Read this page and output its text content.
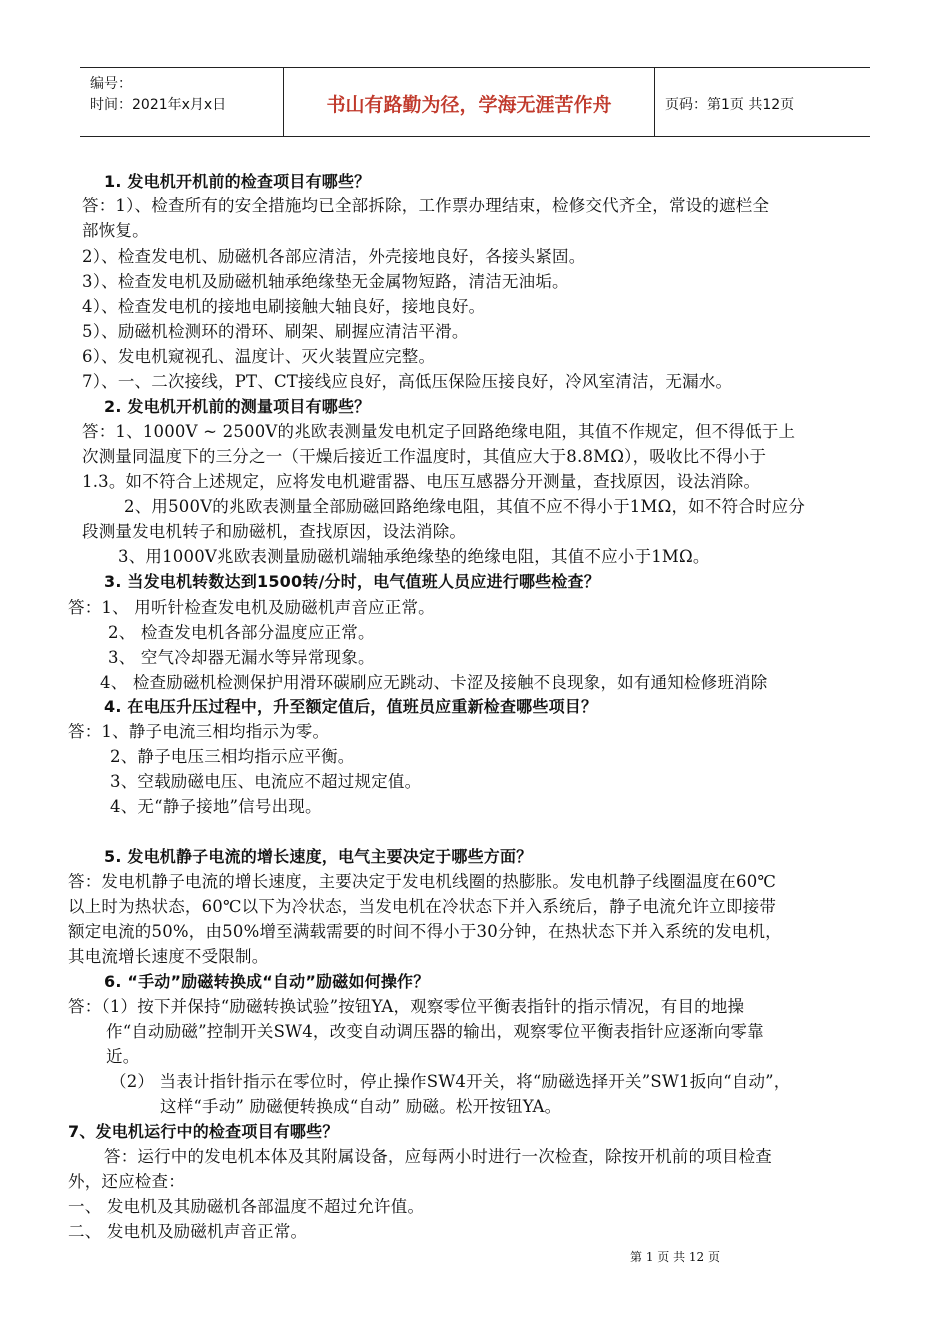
编号：
时间：2021年x月x日	书山有路勤为径，学海无涯苦作舟	页码：第1页 共12页
1. 发电机开机前的检查项目有哪些？
答：1）、检查所有的安全措施均已全部拆除，工作票办理结束，检修交代齐全，常设的遮栏全
部恢复。
2）、检查发电机、励磁机各部应清洁，外壳接地良好，各接头紧固。
3）、检查发电机及励磁机轴承绝缘垫无金属物短路，清洁无油垢。
4）、检查发电机的接地电刷接触大轴良好，接地良好。
5）、励磁机检测环的滑环、刷架、刷握应清洁平滑。
6）、发电机窥视孔、温度计、灭火装置应完整。
7）、一、二次接线，PT、CT接线应良好，高低压保险压接良好，冷风室清洁，无漏水。
2. 发电机开机前的测量项目有哪些？
答：1、1000V ~ 2500V的兆欧表测量发电机定子回路绝缘电阻，其值不作规定，但不得低于上
次测量同温度下的三分之一（干燥后接近工作温度时，其值应大于8.8MΩ），吸收比不得小于
1.3。如不符合上述规定，应将发电机避雷器、电压互感器分开测量，查找原因，设法消除。
2、用500V的兆欧表测量全部励磁回路绝缘电阻，其值不应不得小于1MΩ，如不符合时应分
段测量发电机转子和励磁机，查找原因，设法消除。
3、用1000V兆欧表测量励磁机端轴承绝缘垫的绝缘电阻，其值不应小于1MΩ。
3. 当发电机转数达到1500转/分时，电气值班人员应进行哪些检查？
答：1、 用听针检查发电机及励磁机声音应正常。
2、 检查发电机各部分温度应正常。
3、 空气冷却器无漏水等异常现象。
4、 检查励磁机检测保护用滑环碳刷应无跳动、卡涩及接触不良现象，如有通知检修班消除
4. 在电压升压过程中，升至额定值后，值班员应重新检查哪些项目？
答：1、静子电流三相均指示为零。
2、静子电压三相均指示应平衡。
3、空载励磁电压、电流应不超过规定值。
4、无“静子接地”信号出现。
5. 发电机静子电流的增长速度，电气主要决定于哪些方面？
答：发电机静子电流的增长速度，主要决定于发电机线圈的热膨胀。发电机静子线圈温度在60℃
以上时为热状态，60℃以下为冷状态，当发电机在冷状态下并入系统后，静子电流允许立即接带
额定电流的50%，由50%增至满载需要的时间不得小于30分钟，在热状态下并入系统的发电机，
其电流增长速度不受限制。
6. “手动”励磁转换成“自动”励磁如何操作？
答：（1）按下并保持“励磁转换试验”按钮YA，观察零位平衡表指针的指示情况，有目的地操
作“自动励磁”控制开关SW4，改变自动调压器的输出，观察零位平衡表指针应逐渐向零靠
近。
（2） 当表计指针指示在零位时，停止操作SW4开关，将“励磁选择开关”SW1扳向“自动”，
这样“手动” 励磁便转换成“自动” 励磁。松开按钮YA。
7、发电机运行中的检查项目有哪些？
答：运行中的发电机本体及其附属设备，应每两小时进行一次检查，除按开机前的项目检查
外，还应检查：
一、 发电机及其励磁机各部温度不超过允许值。
二、 发电机及励磁机声音正常。
第 1 页 共 12 页
